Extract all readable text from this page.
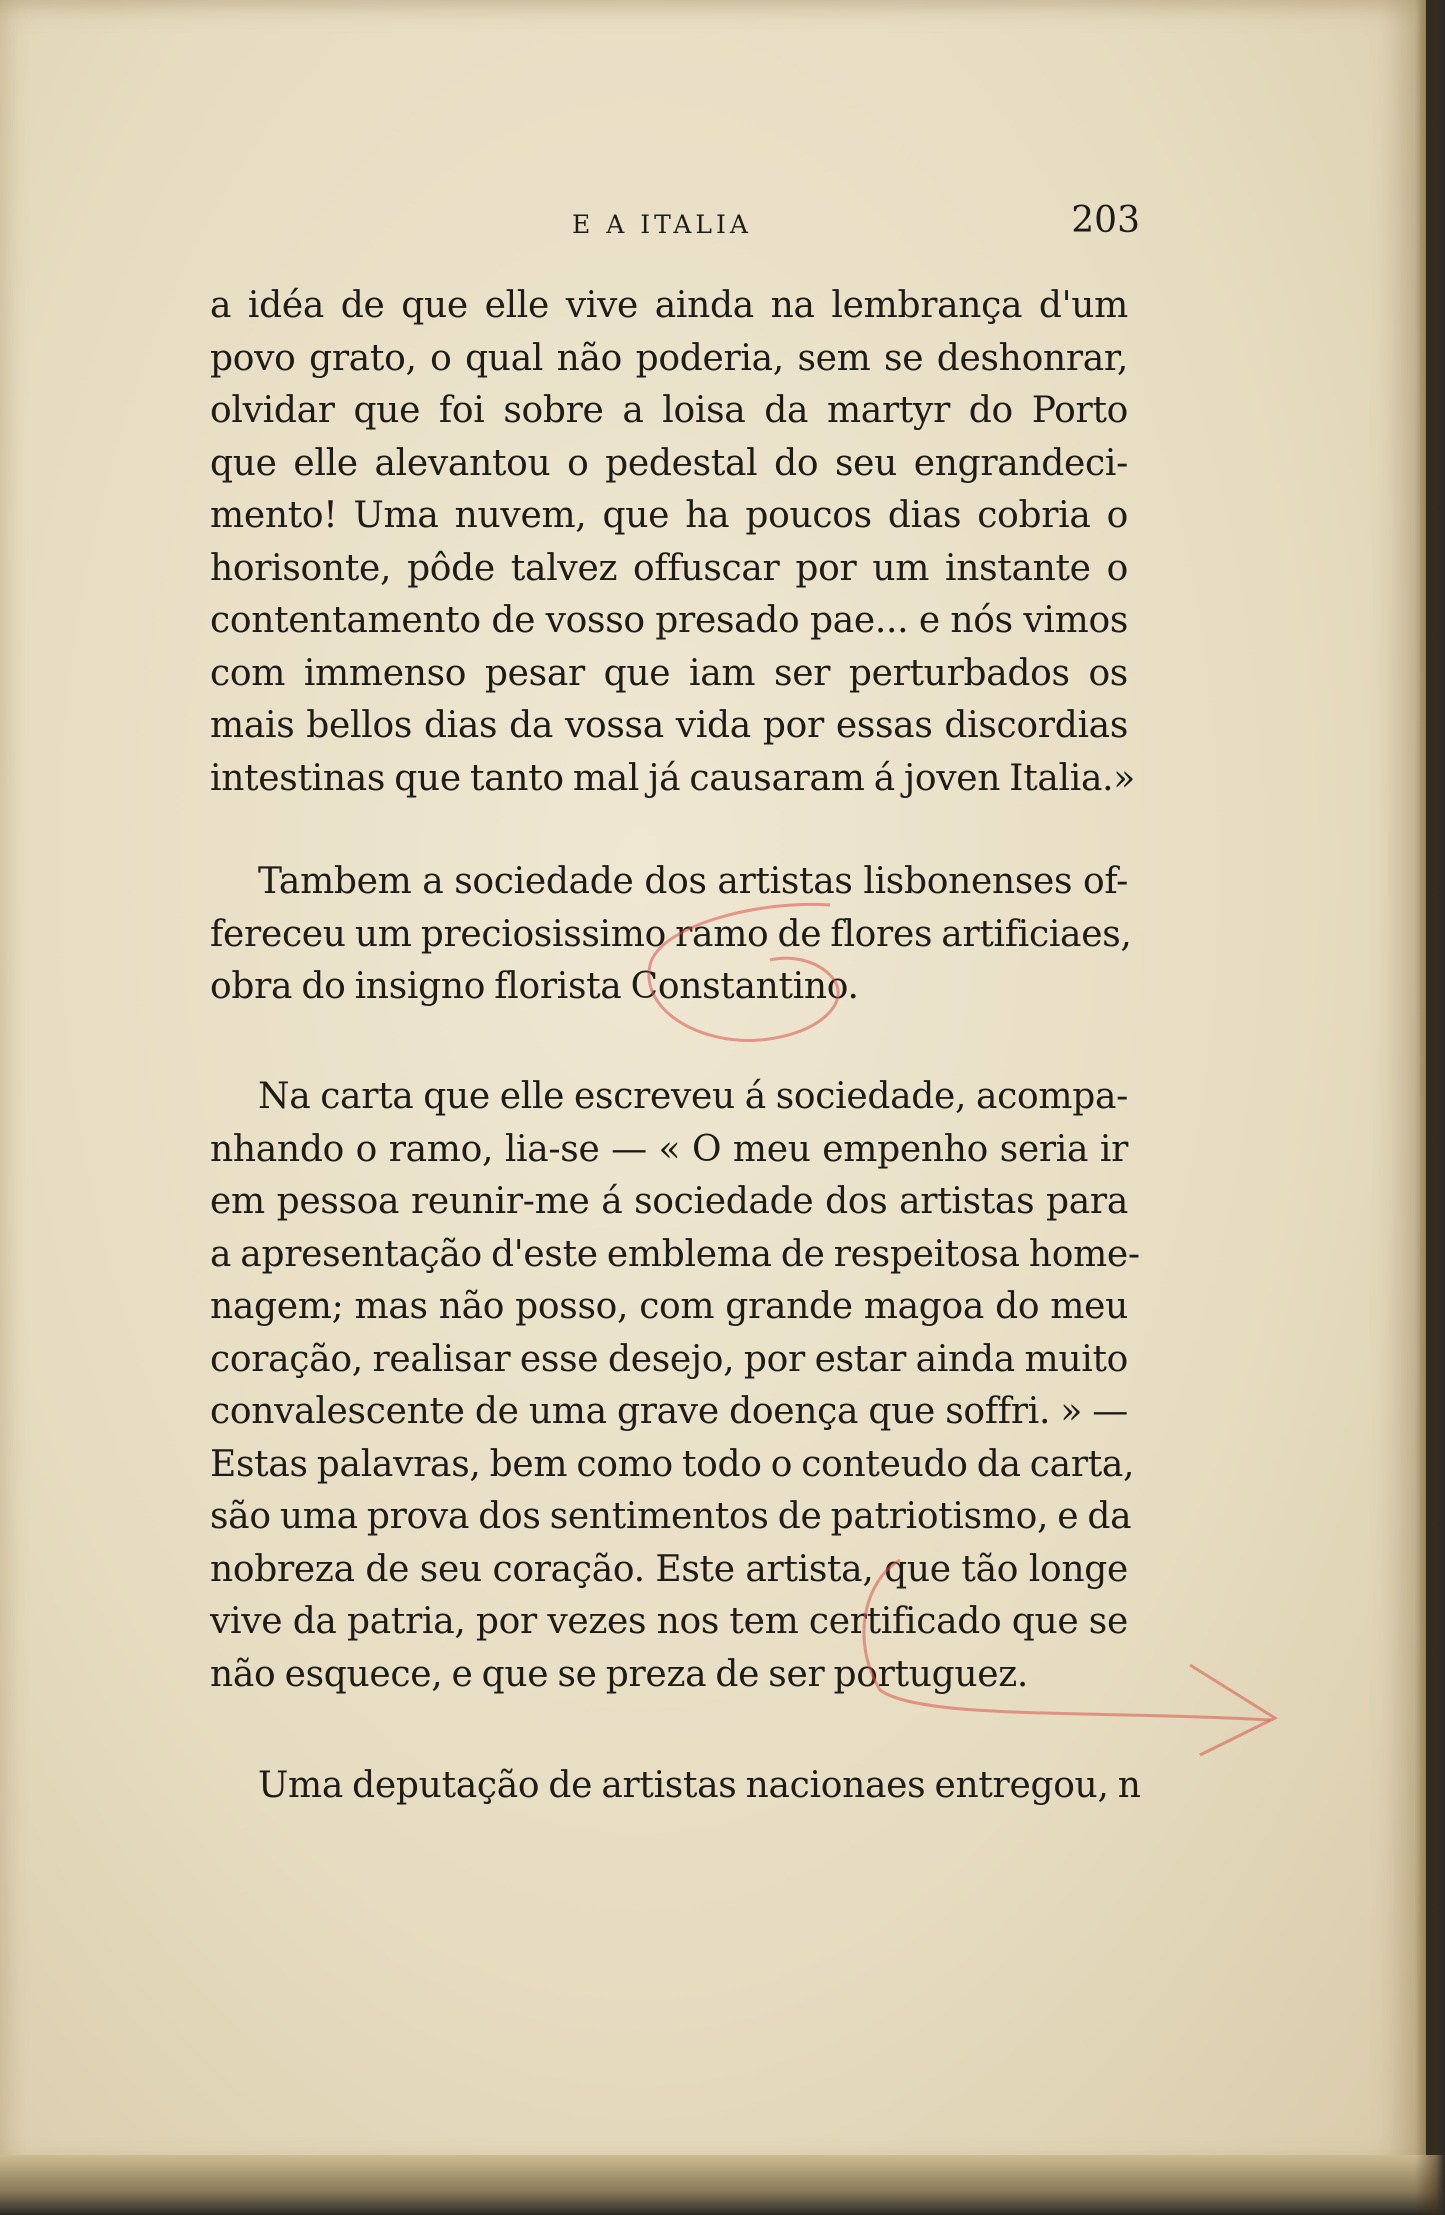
E A ITALIA	203
a idéa de que elle vive ainda na lembrança d'um
povo grato, o qual não poderia, sem se deshonrar,
olvidar que foi sobre a loisa da martyr do Porto
que elle alevantou o pedestal do seu engrandeci-
mento! Uma nuvem, que ha poucos dias cobria o
horisonte, pôde talvez offuscar por um instante o
contentamento de vosso presado pae... e nós vimos
com immenso pesar que iam ser perturbados os
mais bellos dias da vossa vida por essas discordias
intestinas que tanto mal já causaram á joven Italia.»
Tambem a sociedade dos artistas lisbonenses of-
fereceu um preciosissimo ramo de flores artificiaes,
obra do insigno florista Constantino.
Na carta que elle escreveu á sociedade, acompa-
nhando o ramo, lia-se — « O meu empenho seria ir
em pessoa reunir-me á sociedade dos artistas para
a apresentação d'este emblema de respeitosa home-
nagem; mas não posso, com grande magoa do meu
coração, realisar esse desejo, por estar ainda muito
convalescente de uma grave doença que soffri. » —
Estas palavras, bem como todo o conteudo da carta,
são uma prova dos sentimentos de patriotismo, e da
nobreza de seu coração. Este artista, que tão longe
vive da patria, por vezes nos tem certificado que se
não esquece, e que se preza de ser portuguez.
Uma deputação de artistas nacionaes entregou, n
